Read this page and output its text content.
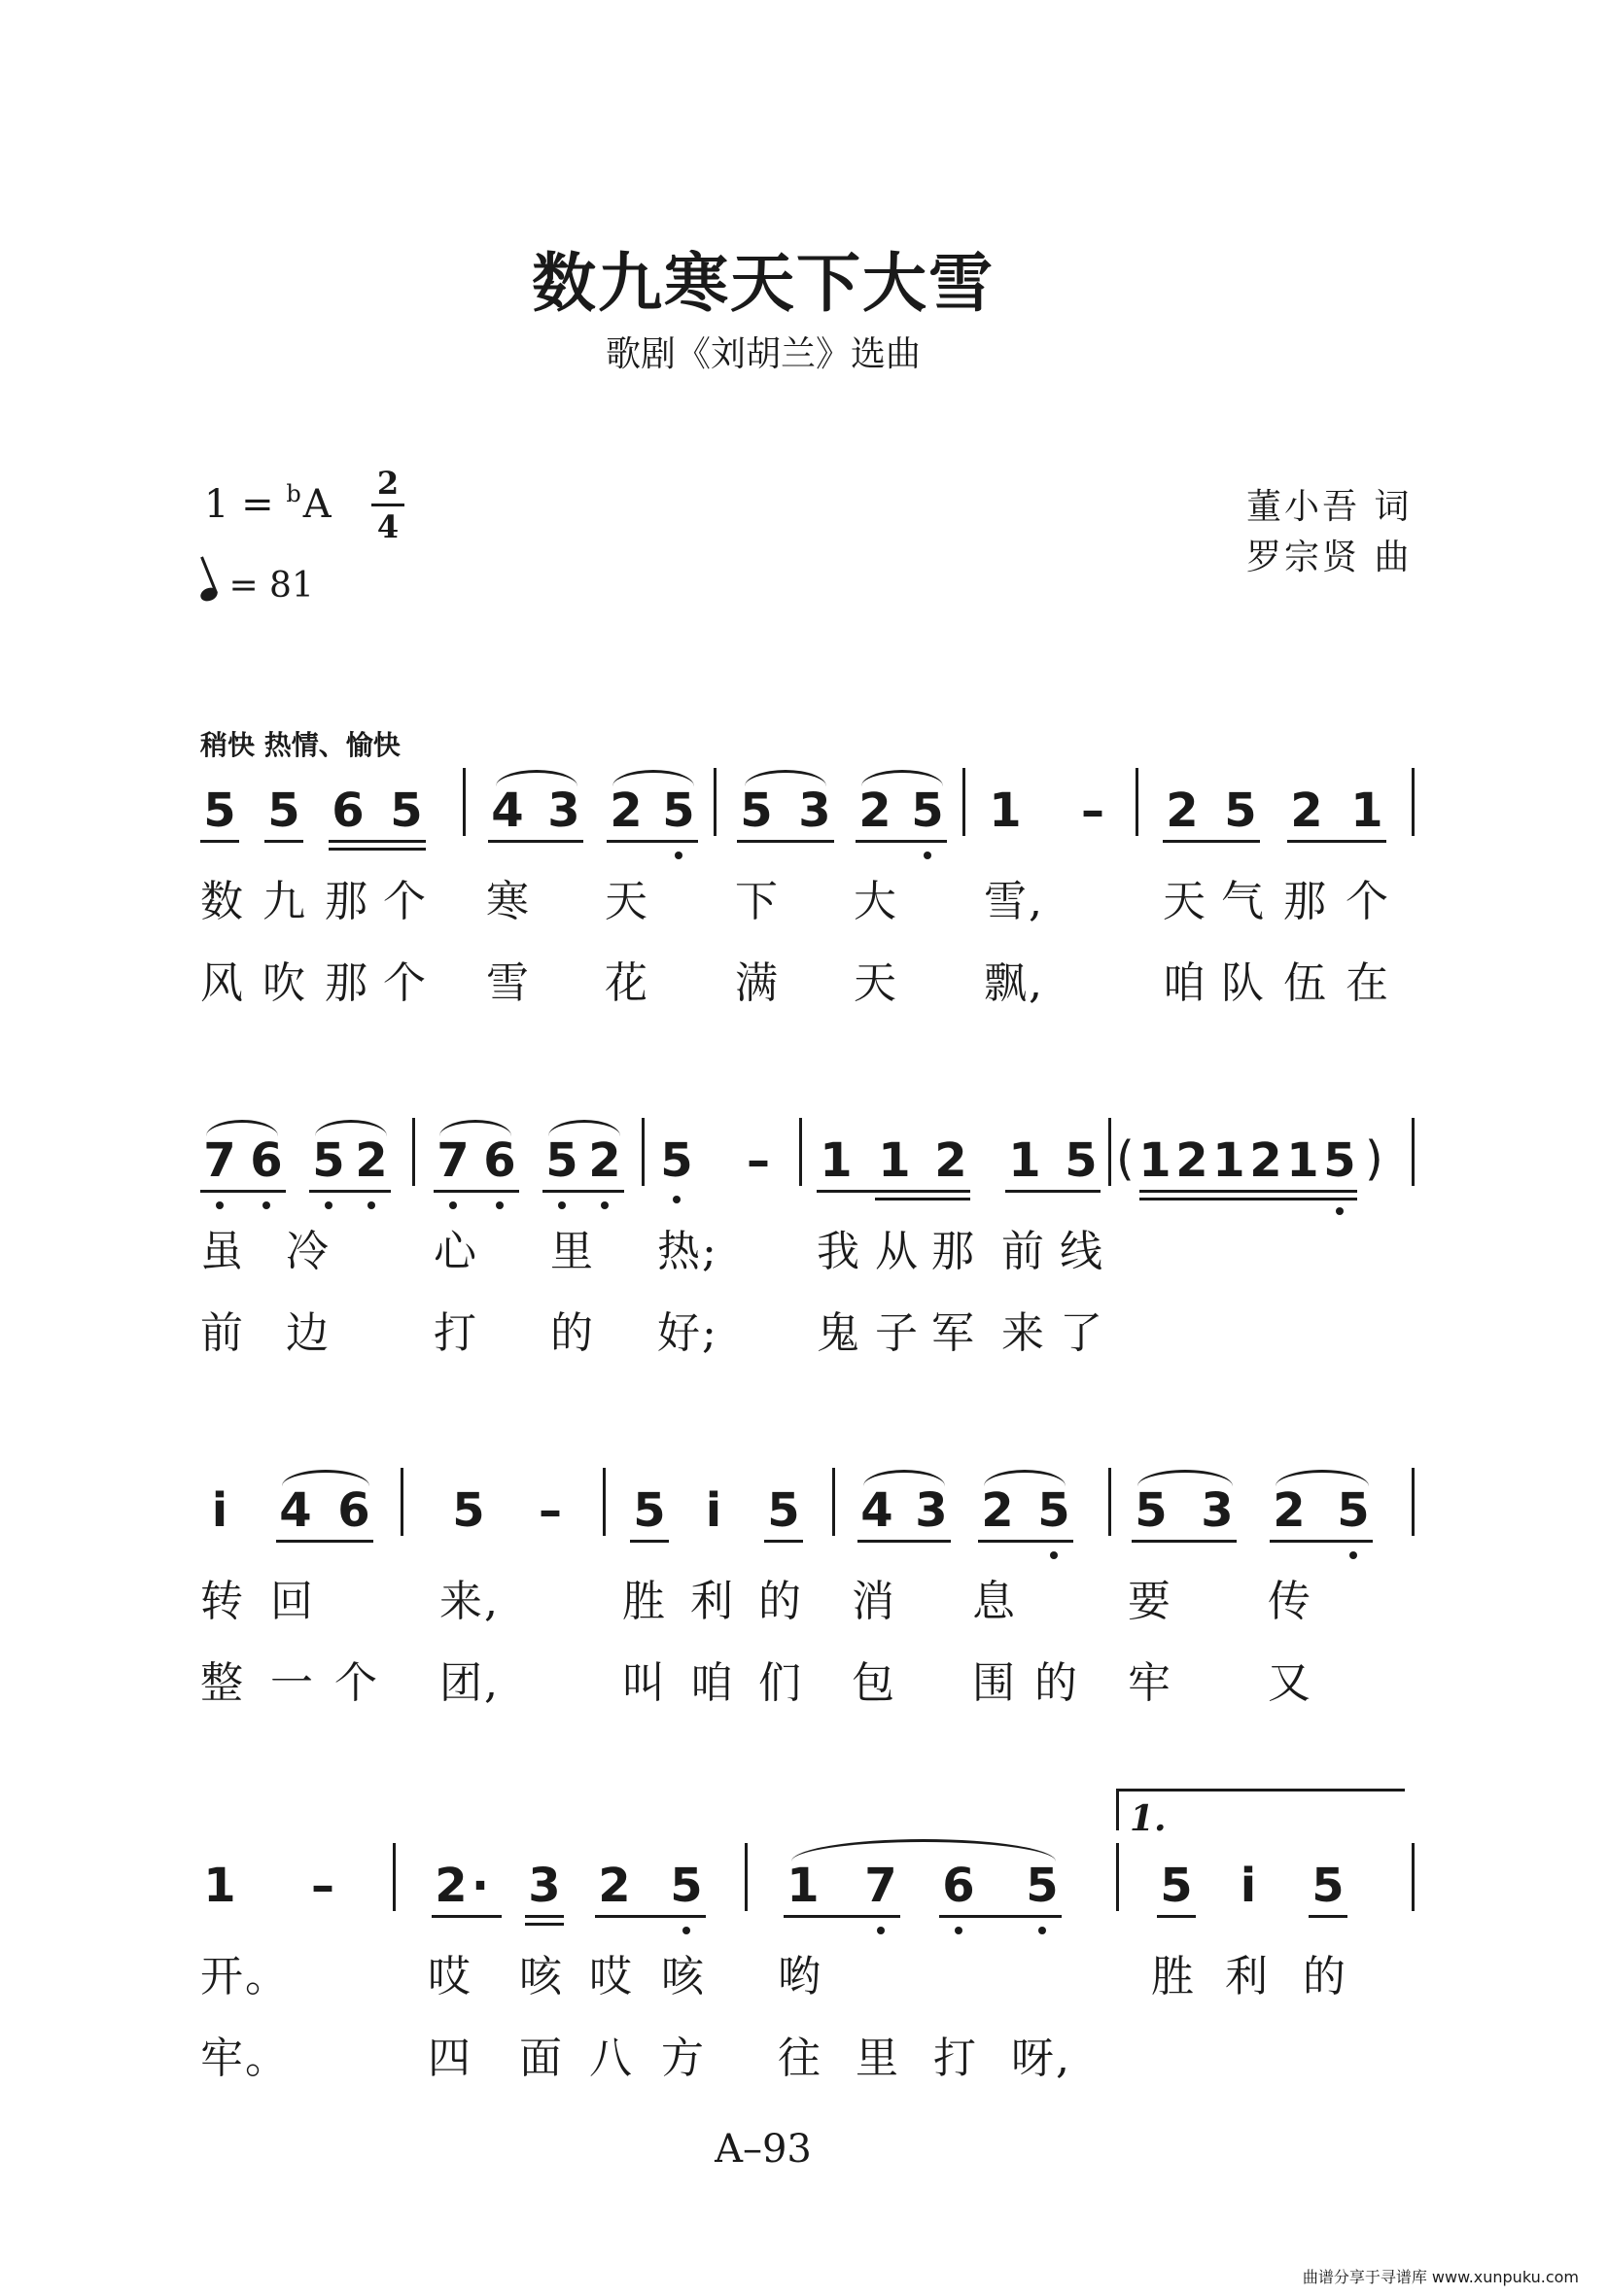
数九寒天下大雪
歌剧《刘胡兰》选曲
1 = $^b$A 2
4
= 81
董小吾 词
罗宗贤 曲
稍快 热情、愉快
5 5 6 5 4 3 2 5 5 3 2 5 1 – 2 5 2 1
数 九 那 个 寒 天 下 大 雪,	天 气 那 个
风 吹 那 个 雪 花 满 天 飘,	咱 队 伍 在
7 6 5 2 7 6 5 2 5 – 1 1 2 1 5 ( 1 2 1 2 1 5 )
虽 冷 心 里 热; 我 从 那 前 线
前 边 打 的 好; 鬼 子 军 来 了
i 4 6 5 – 5 i 5 4 3 2 5 5 3 2 5
转 回	来,	胜 利 的 消 息	要 传
整 一 个 团,	叫 咱 们 包 围 的 牢 又
1.
1 – 2 · 3 2 5 1 7 6 5 5 i 5
开。	哎 咳 哎 咳 哟	胜 利 的
牢。	四 面 八 方 往 里 打 呀,
A–93
曲谱分享于寻谱库 www.xunpuku.com
